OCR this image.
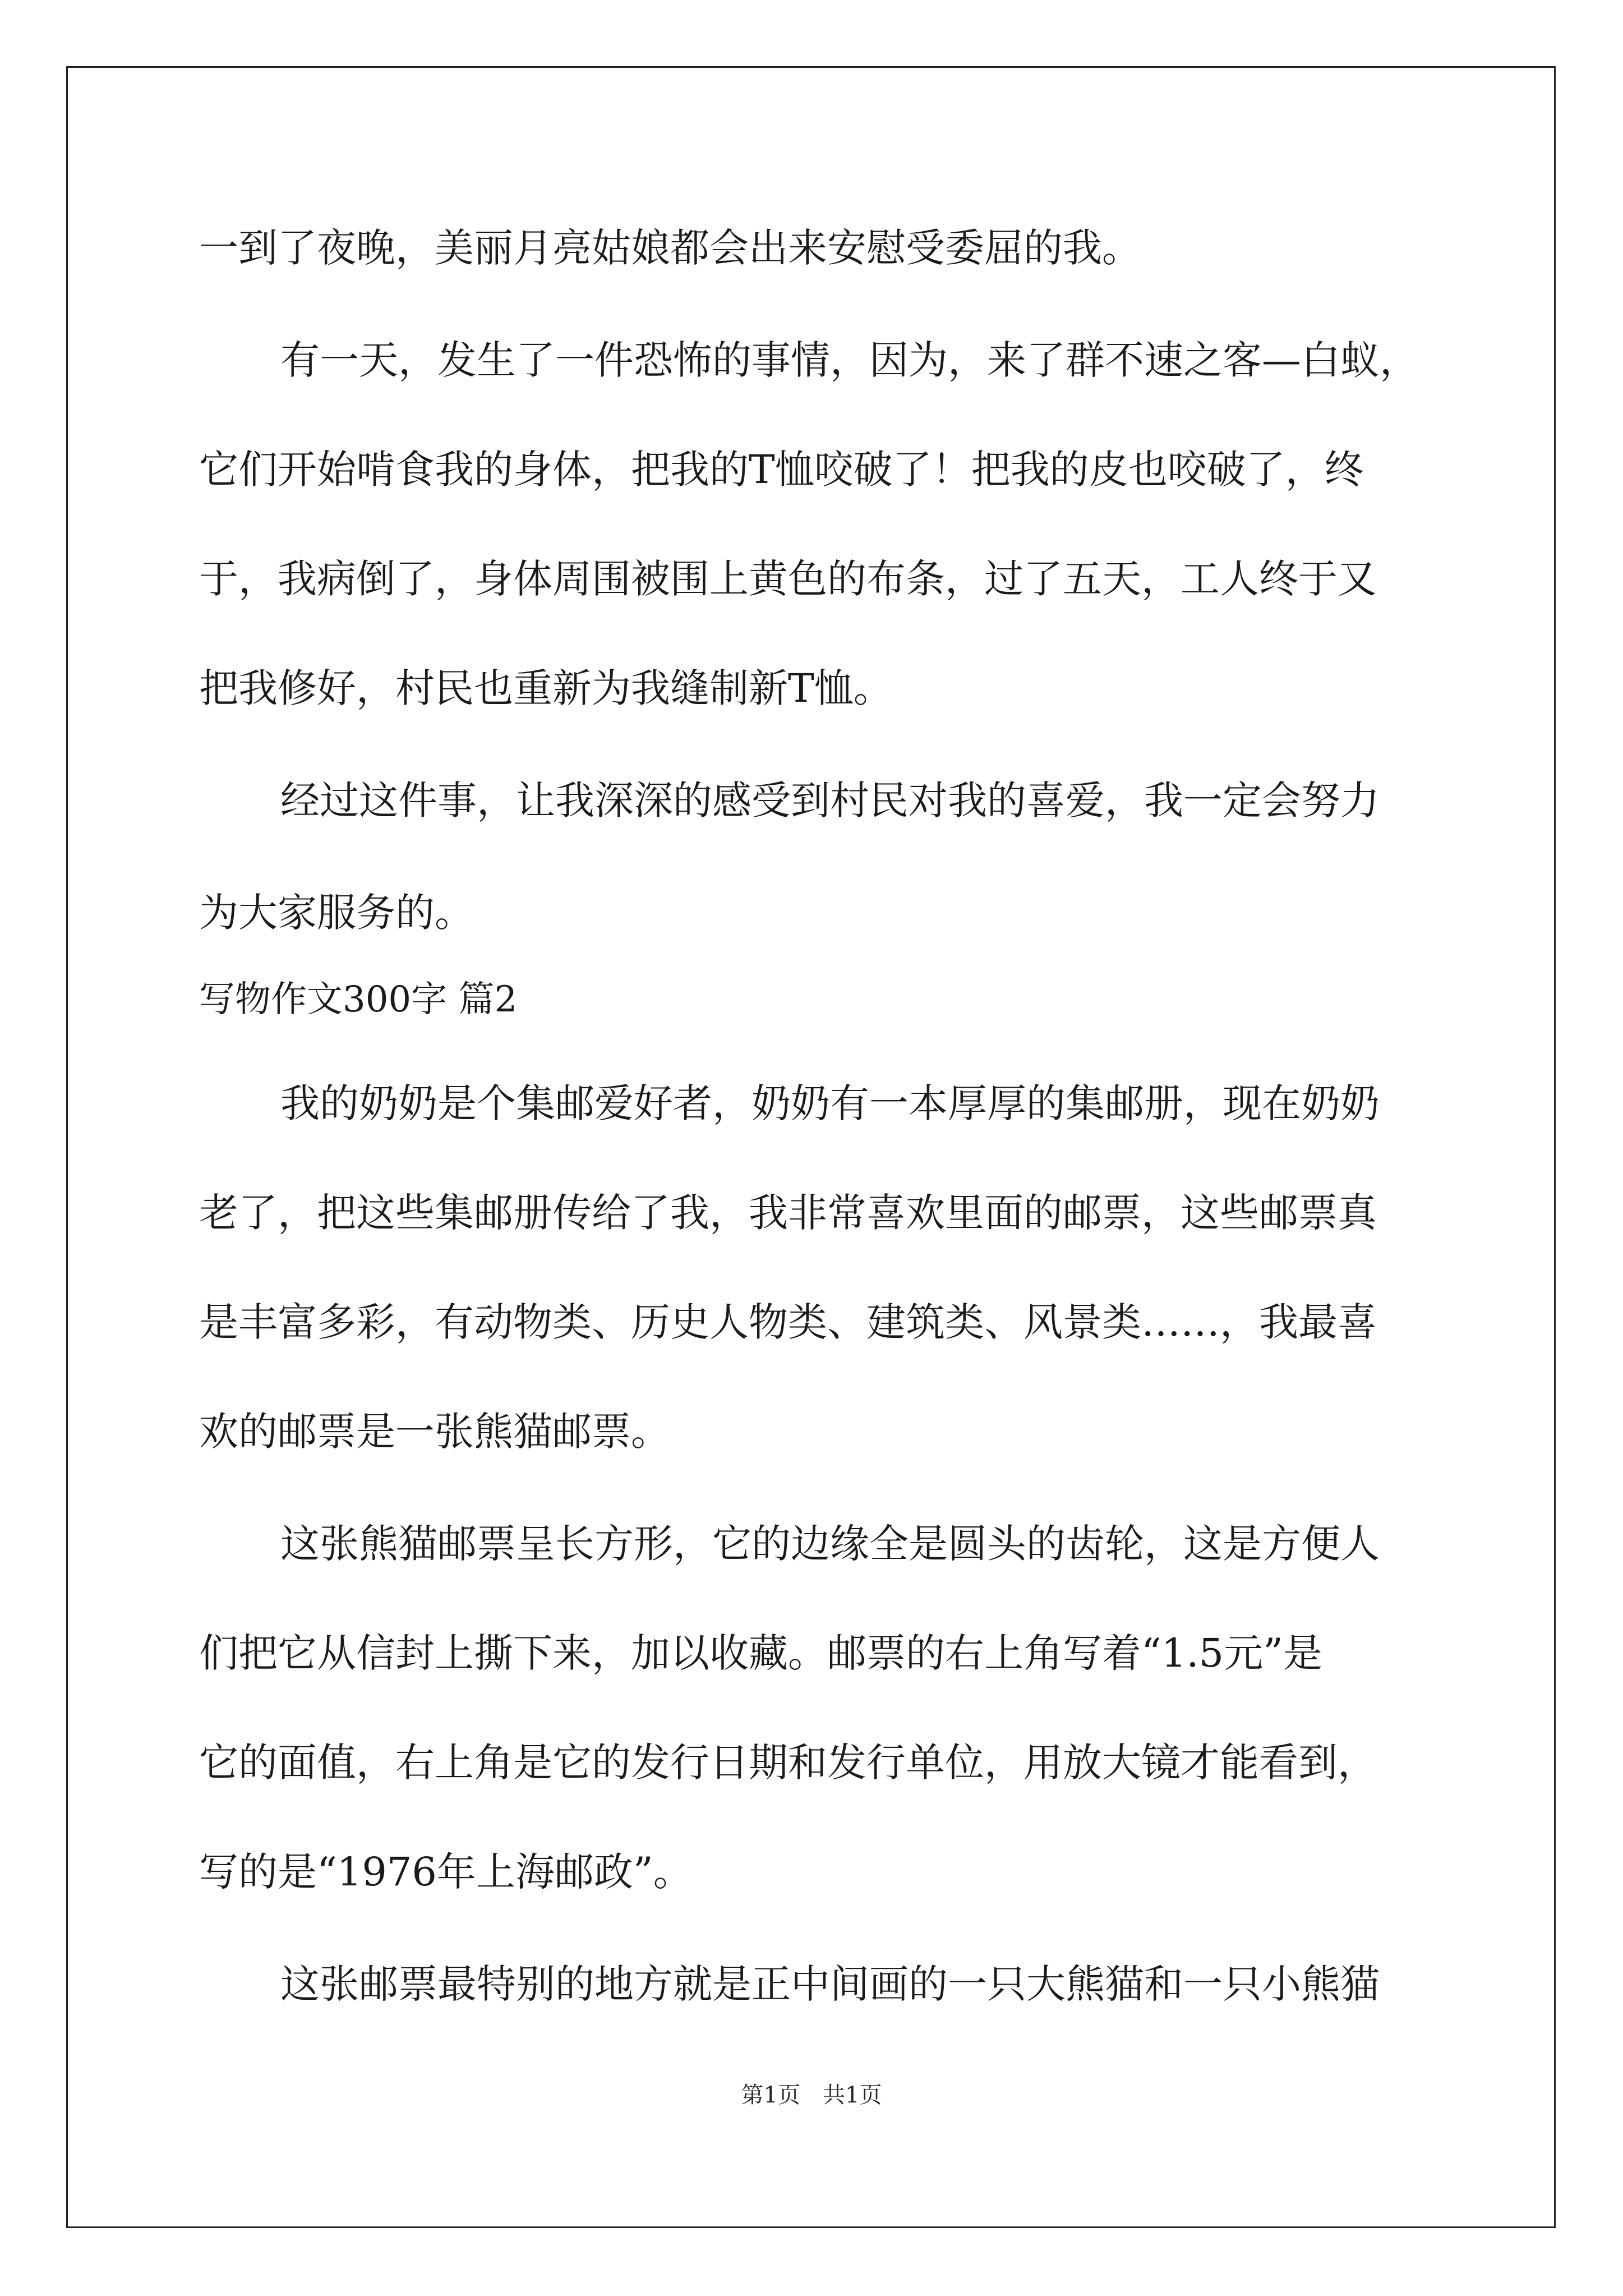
一到了夜晚，美丽月亮姑娘都会出来安慰受委屈的我。
有一天，发生了一件恐怖的事情，因为，来了群不速之客—白蚁，
它们开始啃食我的身体，把我的T恤咬破了！把我的皮也咬破了，终
于，我病倒了，身体周围被围上黄色的布条，过了五天，工人终于又
把我修好，村民也重新为我缝制新T恤。
经过这件事，让我深深的感受到村民对我的喜爱，我一定会努力
为大家服务的。
写物作文300字 篇2
我的奶奶是个集邮爱好者，奶奶有一本厚厚的集邮册，现在奶奶
老了，把这些集邮册传给了我，我非常喜欢里面的邮票，这些邮票真
是丰富多彩，有动物类、历史人物类、建筑类、风景类……，我最喜
欢的邮票是一张熊猫邮票。
这张熊猫邮票呈长方形，它的边缘全是圆头的齿轮，这是方便人
们把它从信封上撕下来，加以收藏。邮票的右上角写着“1.5元”是
它的面值，右上角是它的发行日期和发行单位，用放大镜才能看到，
写的是“1976年上海邮政”。
这张邮票最特别的地方就是正中间画的一只大熊猫和一只小熊猫
第1页 共1页
